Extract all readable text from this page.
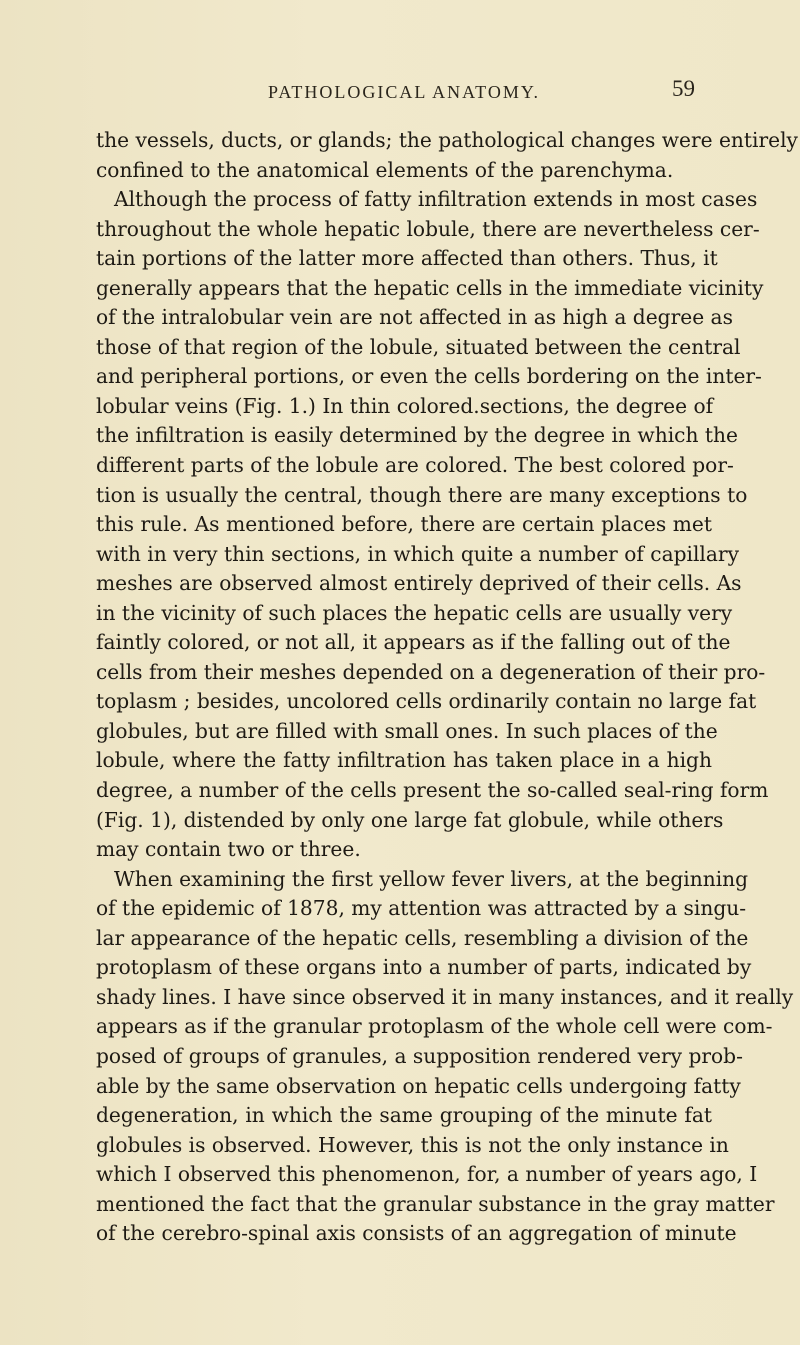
PATHOLOGICAL ANATOMY.	59
the vessels, ducts, or glands; the pathological changes were entirely
confined to the anatomical elements of the parenchyma.
Although the process of fatty infiltration extends in most cases
throughout the whole hepatic lobule, there are nevertheless cer-
tain portions of the latter more affected than others. Thus, it
generally appears that the hepatic cells in the immediate vicinity
of the intralobular vein are not affected in as high a degree as
those of that region of the lobule, situated between the central
and peripheral portions, or even the cells bordering on the inter-
lobular veins (Fig. 1.) In thin colored.sections, the degree of
the infiltration is easily determined by the degree in which the
different parts of the lobule are colored. The best colored por-
tion is usually the central, though there are many exceptions to
this rule. As mentioned before, there are certain places met
with in very thin sections, in which quite a number of capillary
meshes are observed almost entirely deprived of their cells. As
in the vicinity of such places the hepatic cells are usually very
faintly colored, or not all, it appears as if the falling out of the
cells from their meshes depended on a degeneration of their pro-
toplasm ; besides, uncolored cells ordinarily contain no large fat
globules, but are filled with small ones. In such places of the
lobule, where the fatty infiltration has taken place in a high
degree, a number of the cells present the so-called seal-ring form
(Fig. 1), distended by only one large fat globule, while others
may contain two or three.
When examining the first yellow fever livers, at the beginning
of the epidemic of 1878, my attention was attracted by a singu-
lar appearance of the hepatic cells, resembling a division of the
protoplasm of these organs into a number of parts, indicated by
shady lines. I have since observed it in many instances, and it really
appears as if the granular protoplasm of the whole cell were com-
posed of groups of granules, a supposition rendered very prob-
able by the same observation on hepatic cells undergoing fatty
degeneration, in which the same grouping of the minute fat
globules is observed. However, this is not the only instance in
which I observed this phenomenon, for, a number of years ago, I
mentioned the fact that the granular substance in the gray matter
of the cerebro-spinal axis consists of an aggregation of minute
